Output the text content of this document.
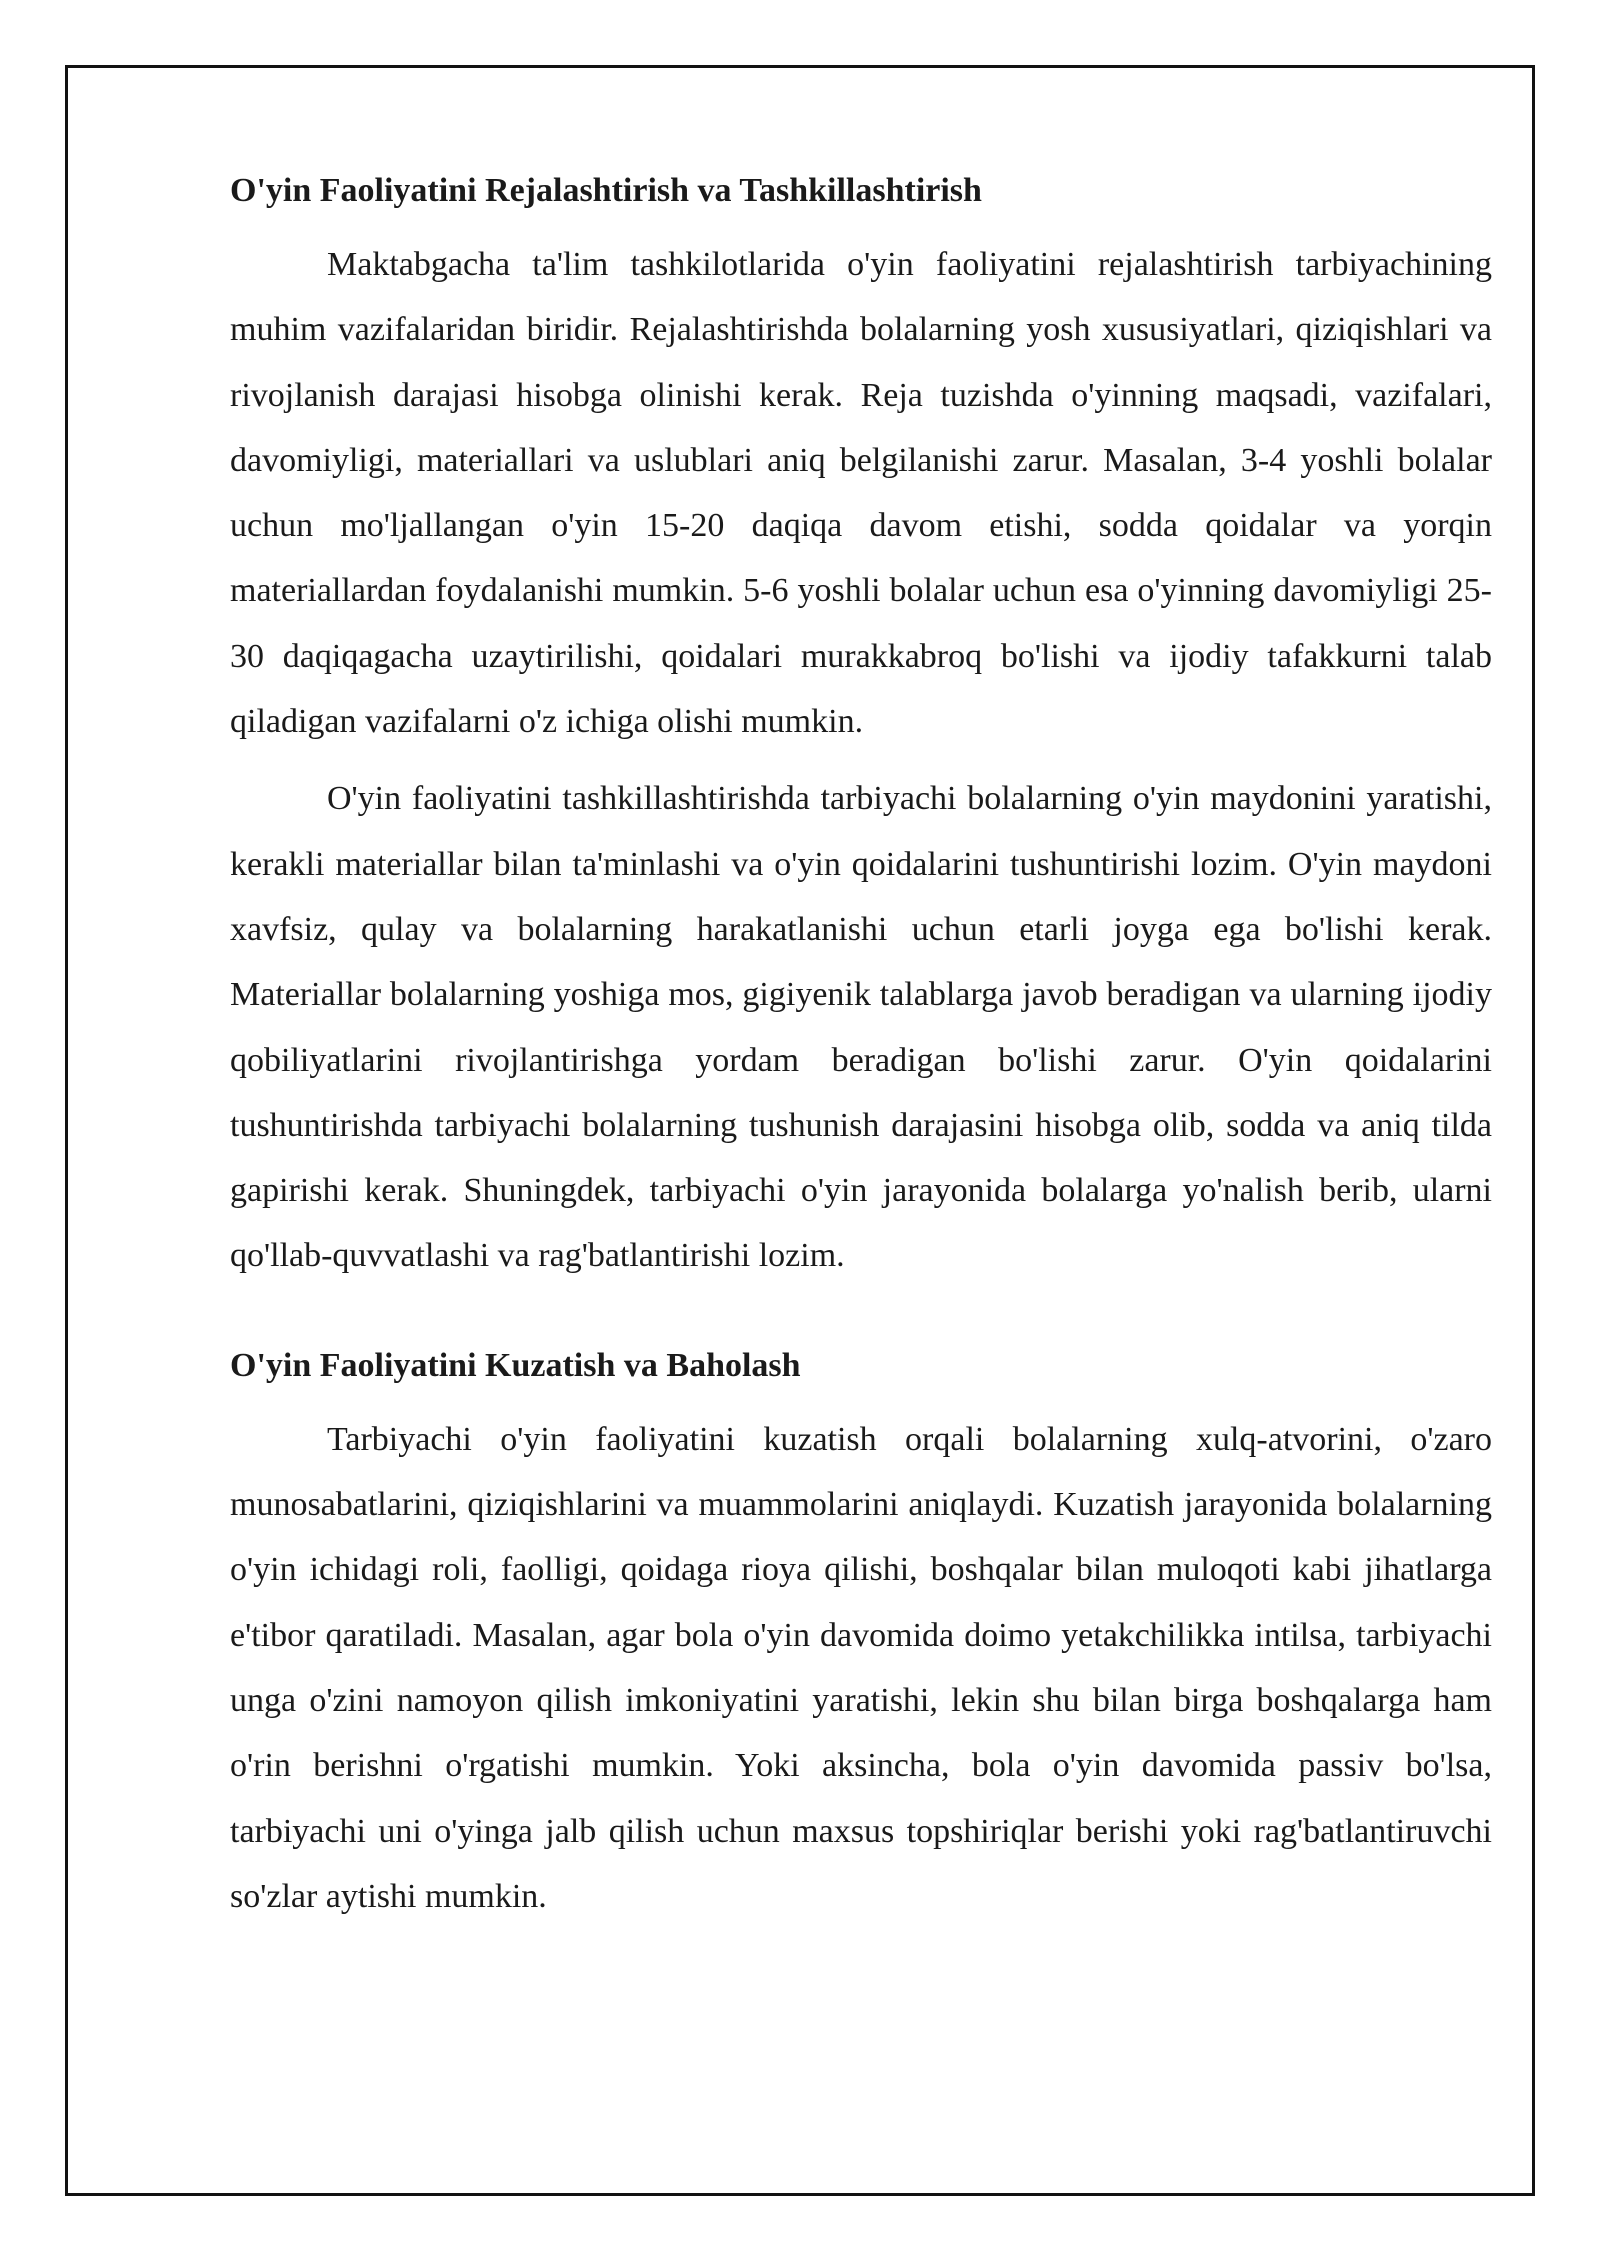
O'yin Faoliyatini Rejalashtirish va Tashkillashtirish

Maktabgacha ta'lim tashkilotlarida o'yin faoliyatini rejalashtirish tarbiyachining muhim vazifalaridan biridir. Rejalashtirishda bolalarning yosh xususiyatlari, qiziqishlari va rivojlanish darajasi hisobga olinishi kerak. Reja tuzishda o'yinning maqsadi, vazifalari, davomiyligi, materiallari va uslublari aniq belgilanishi zarur. Masalan, 3-4 yoshli bolalar uchun mo'ljallangan o'yin 15-20 daqiqa davom etishi, sodda qoidalar va yorqin materiallardan foydalanishi mumkin. 5-6 yoshli bolalar uchun esa o'yinning davomiyligi 25-30 daqiqagacha uzaytirilishi, qoidalari murakkabroq bo'lishi va ijodiy tafakkurni talab qiladigan vazifalarni o'z ichiga olishi mumkin.

O'yin faoliyatini tashkillashtirishda tarbiyachi bolalarning o'yin maydonini yaratishi, kerakli materiallar bilan ta'minlashi va o'yin qoidalarini tushuntirishi lozim. O'yin maydoni xavfsiz, qulay va bolalarning harakatlanishi uchun etarli joyga ega bo'lishi kerak. Materiallar bolalarning yoshiga mos, gigiyenik talablarga javob beradigan va ularning ijodiy qobiliyatlarini rivojlantirishga yordam beradigan bo'lishi zarur. O'yin qoidalarini tushuntirishda tarbiyachi bolalarning tushunish darajasini hisobga olib, sodda va aniq tilda gapirishi kerak. Shuningdek, tarbiyachi o'yin jarayonida bolalarga yo'nalish berib, ularni qo'llab-quvvatlashi va rag'batlantirishi lozim.

O'yin Faoliyatini Kuzatish va Baholash

Tarbiyachi o'yin faoliyatini kuzatish orqali bolalarning xulq-atvorini, o'zaro munosabatlarini, qiziqishlarini va muammolarini aniqlaydi. Kuzatish jarayonida bolalarning o'yin ichidagi roli, faolligi, qoidaga rioya qilishi, boshqalar bilan muloqoti kabi jihatlarga e'tibor qaratiladi. Masalan, agar bola o'yin davomida doimo yetakchilikka intilsa, tarbiyachi unga o'zini namoyon qilish imkoniyatini yaratishi, lekin shu bilan birga boshqalarga ham o'rin berishni o'rgatishi mumkin. Yoki aksincha, bola o'yin davomida passiv bo'lsa, tarbiyachi uni o'yinga jalb qilish uchun maxsus topshiriqlar berishi yoki rag'batlantiruvchi so'zlar aytishi mumkin.
